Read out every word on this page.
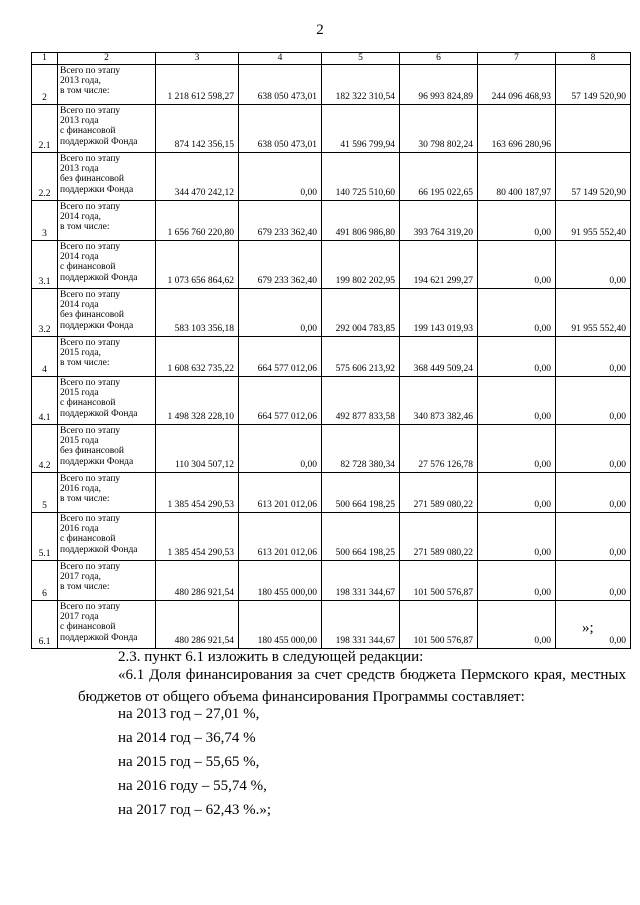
2
1	2	3	4	5	6	7	8
2	Всего по этапу
2013 года,
в том числе:	1 218 612 598,27	638 050 473,01	182 322 310,54	96 993 824,89	244 096 468,93	57 149 520,90
2.1	Всего по этапу
2013 года
с финансовой
поддержкой Фонда	874 142 356,15	638 050 473,01	41 596 799,94	30 798 802,24	163 696 280,96	
2.2	Всего по этапу
2013 года
без финансовой
поддержки Фонда	344 470 242,12	0,00	140 725 510,60	66 195 022,65	80 400 187,97	57 149 520,90
3	Всего по этапу
2014 года,
в том числе:	1 656 760 220,80	679 233 362,40	491 806 986,80	393 764 319,20	0,00	91 955 552,40
3.1	Всего по этапу
2014 года
с финансовой
поддержкой Фонда	1 073 656 864,62	679 233 362,40	199 802 202,95	194 621 299,27	0,00	0,00
3.2	Всего по этапу
2014 года
без финансовой
поддержки Фонда	583 103 356,18	0,00	292 004 783,85	199 143 019,93	0,00	91 955 552,40
4	Всего по этапу
2015 года,
в том числе:	1 608 632 735,22	664 577 012,06	575 606 213,92	368 449 509,24	0,00	0,00
4.1	Всего по этапу
2015 года
с финансовой
поддержкой Фонда	1 498 328 228,10	664 577 012,06	492 877 833,58	340 873 382,46	0,00	0,00
4.2	Всего по этапу
2015 года
без финансовой
поддержки Фонда	110 304 507,12	0,00	82 728 380,34	27 576 126,78	0,00	0,00
5	Всего по этапу
2016 года,
в том числе:	1 385 454 290,53	613 201 012,06	500 664 198,25	271 589 080,22	0,00	0,00
5.1	Всего по этапу
2016 года
с финансовой
поддержкой Фонда	1 385 454 290,53	613 201 012,06	500 664 198,25	271 589 080,22	0,00	0,00
6	Всего по этапу
2017 года,
в том числе:	480 286 921,54	180 455 000,00	198 331 344,67	101 500 576,87	0,00	0,00
6.1	Всего по этапу
2017 года
с финансовой
поддержкой Фонда	480 286 921,54	180 455 000,00	198 331 344,67	101 500 576,87	0,00	0,00
»;
2.3. пункт 6.1 изложить в следующей редакции:
«6.1 Доля финансирования за счет средств бюджета Пермского края, местных бюджетов от общего объема финансирования Программы составляет:
на 2013 год – 27,01 %,
на 2014 год – 36,74 %
на 2015 год – 55,65 %,
на 2016 году – 55,74 %,
на 2017 год – 62,43 %.»;
